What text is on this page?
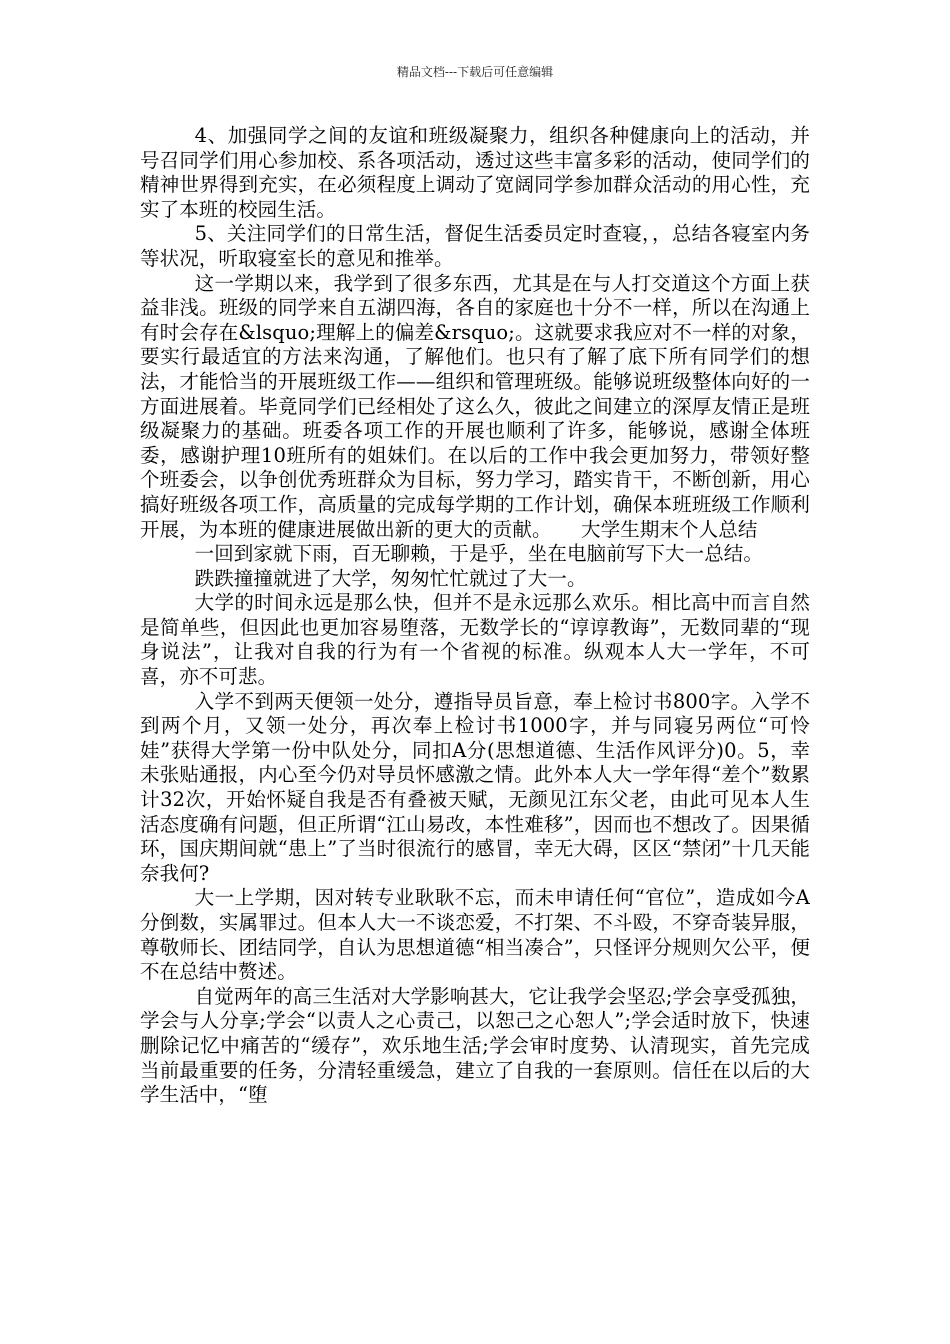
精品文档---下载后可任意编辑

4、加强同学之间的友谊和班级凝聚力，组织各种健康向上的活动，并号召同学们用心参加校、系各项活动，透过这些丰富多彩的活动，使同学们的精神世界得到充实，在必须程度上调动了宽阔同学参加群众活动的用心性，充实了本班的校园生活。

5、关注同学们的日常生活，督促生活委员定时查寝，，总结各寝室内务等状况，听取寝室长的意见和推举。

这一学期以来，我学到了很多东西，尤其是在与人打交道这个方面上获益非浅。班级的同学来自五湖四海，各自的家庭也十分不一样，所以在沟通上有时会存在&lsquo;理解上的偏差&rsquo;。这就要求我应对不一样的对象，要实行最适宜的方法来沟通，了解他们。也只有了解了底下所有同学们的想法，才能恰当的开展班级工作——组织和管理班级。能够说班级整体向好的一方面进展着。毕竟同学们已经相处了这么久，彼此之间建立的深厚友情正是班级凝聚力的基础。班委各项工作的开展也顺利了许多，能够说，感谢全体班委，感谢护理10班所有的姐妹们。在以后的工作中我会更加努力，带领好整个班委会，以争创优秀班群众为目标，努力学习，踏实肯干，不断创新，用心搞好班级各项工作，高质量的完成每学期的工作计划，确保本班班级工作顺利开展，为本班的健康进展做出新的更大的贡献。　　大学生期末个人总结

一回到家就下雨，百无聊赖，于是乎，坐在电脑前写下大一总结。

跌跌撞撞就进了大学，匆匆忙忙就过了大一。

大学的时间永远是那么快，但并不是永远那么欢乐。相比高中而言自然是简单些，但因此也更加容易堕落，无数学长的“谆谆教诲”，无数同辈的“现身说法”，让我对自我的行为有一个省视的标准。纵观本人大一学年，不可喜，亦不可悲。

入学不到两天便领一处分，遵指导员旨意，奉上检讨书800字。入学不到两个月，又领一处分，再次奉上检讨书1000字，并与同寝另两位“可怜娃”获得大学第一份中队处分，同扣A分(思想道德、生活作风评分)0。5，幸未张贴通报，内心至今仍对导员怀感激之情。此外本人大一学年得“差个”数累计32次，开始怀疑自我是否有叠被天赋，无颜见江东父老，由此可见本人生活态度确有问题，但正所谓“江山易改，本性难移”，因而也不想改了。因果循环，国庆期间就“患上”了当时很流行的感冒，幸无大碍，区区“禁闭”十几天能奈我何?

大一上学期，因对转专业耿耿不忘，而未申请任何“官位”，造成如今A分倒数，实属罪过。但本人大一不谈恋爱，不打架、不斗殴，不穿奇装异服，尊敬师长、团结同学，自认为思想道德“相当凑合”，只怪评分规则欠公平，便不在总结中赘述。

自觉两年的高三生活对大学影响甚大，它让我学会坚忍;学会享受孤独，学会与人分享;学会“以责人之心责己，以恕己之心恕人”;学会适时放下，快速删除记忆中痛苦的“缓存”，欢乐地生活;学会审时度势、认清现实，首先完成当前最重要的任务，分清轻重缓急，建立了自我的一套原则。信任在以后的大学生活中，“堕
